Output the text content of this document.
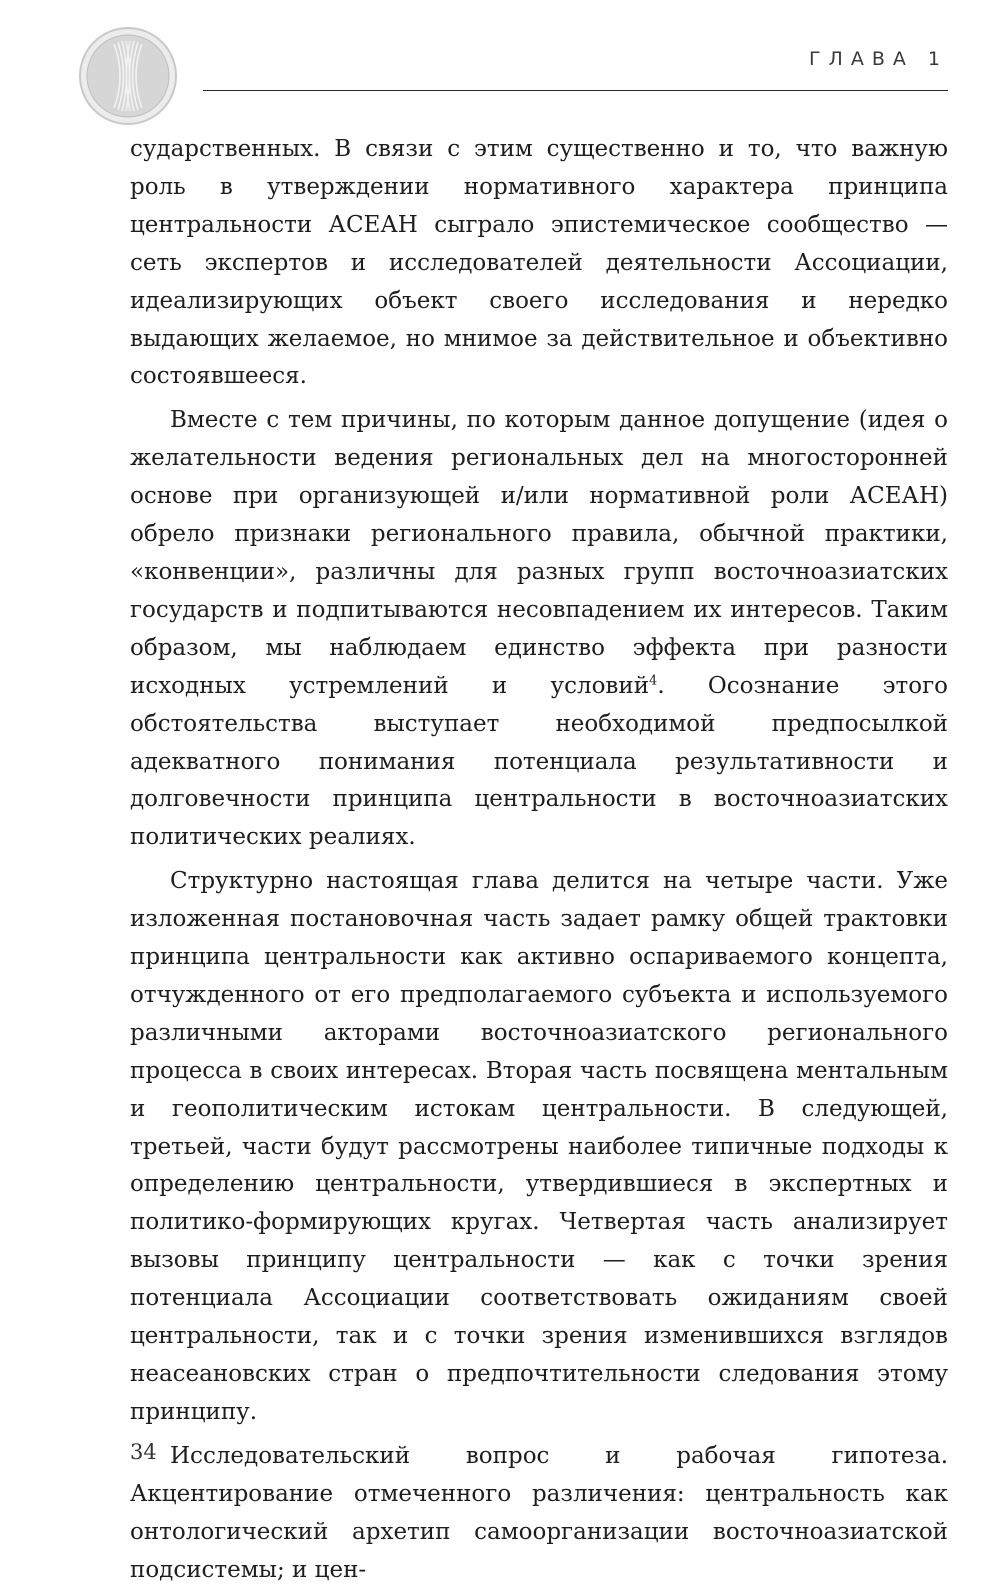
ГЛАВА 1

сударственных. В связи с этим существенно и то, что важную роль в утверждении нормативного характера принципа центральности АСЕАН сыграло эпистемическое сообщество — сеть экспертов и исследователей деятельности Ассоциации, идеализирующих объект своего исследования и нередко выдающих желаемое, но мнимое за действительное и объективно состоявшееся.

Вместе с тем причины, по которым данное допущение (идея о желательности ведения региональных дел на многосторонней основе при организующей и/или нормативной роли АСЕАН) обрело признаки регионального правила, обычной практики, «конвенции», различны для разных групп восточноазиатских государств и подпитываются несовпадением их интересов. Таким образом, мы наблюдаем единство эффекта при разности исходных устремлений и условий$^4$. Осознание этого обстоятельства выступает необходимой предпосылкой адекватного понимания потенциала результативности и долговечности принципа центральности в восточноазиатских политических реалиях.

Структурно настоящая глава делится на четыре части. Уже изложенная постановочная часть задает рамку общей трактовки принципа центральности как активно оспариваемого концепта, отчужденного от его предполагаемого субъекта и используемого различными акторами восточноазиатского регионального процесса в своих интересах. Вторая часть посвящена ментальным и геополитическим истокам центральности. В следующей, третьей, части будут рассмотрены наиболее типичные подходы к определению центральности, утвердившиеся в экспертных и политико-формирующих кругах. Четвертая часть анализирует вызовы принципу центральности — как с точки зрения потенциала Ассоциации соответствовать ожиданиям своей центральности, так и с точки зрения изменившихся взглядов неасеановских стран о предпочтительности следования этому принципу.

Исследовательский вопрос и рабочая гипотеза. Акцентирование отмеченного различения: центральность как онтологический архетип самоорганизации восточноазиатской подсистемы; и цен-

34
